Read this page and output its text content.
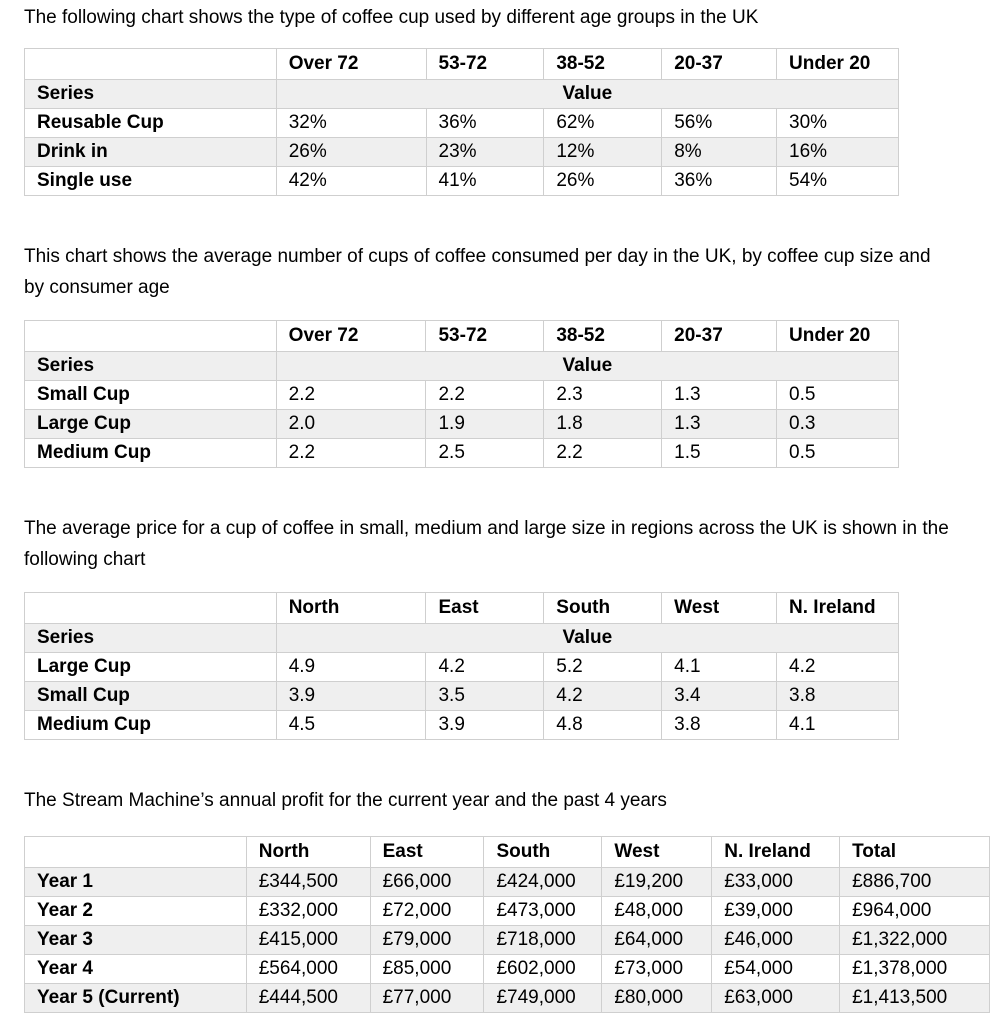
The following chart shows the type of coffee cup used by different age groups in the UK

	Over 72	53-72	38-52	20-37	Under 20
Series	Value				
Reusable Cup	32%	36%	62%	56%	30%
Drink in	26%	23%	12%	8%	16%
Single use	42%	41%	26%	36%	54%

This chart shows the average number of cups of coffee consumed per day in the UK, by coffee cup size and by consumer age

	Over 72	53-72	38-52	20-37	Under 20
Series	Value				
Small Cup	2.2	2.2	2.3	1.3	0.5
Large Cup	2.0	1.9	1.8	1.3	0.3
Medium Cup	2.2	2.5	2.2	1.5	0.5

The average price for a cup of coffee in small, medium and large size in regions across the UK is shown in the following chart

	North	East	South	West	N. Ireland
Series	Value				
Large Cup	4.9	4.2	5.2	4.1	4.2
Small Cup	3.9	3.5	4.2	3.4	3.8
Medium Cup	4.5	3.9	4.8	3.8	4.1

The Stream Machine’s annual profit for the current year and the past 4 years

	North	East	South	West	N. Ireland	Total
Year 1	£344,500	£66,000	£424,000	£19,200	£33,000	£886,700
Year 2	£332,000	£72,000	£473,000	£48,000	£39,000	£964,000
Year 3	£415,000	£79,000	£718,000	£64,000	£46,000	£1,322,000
Year 4	£564,000	£85,000	£602,000	£73,000	£54,000	£1,378,000
Year 5 (Current)	£444,500	£77,000	£749,000	£80,000	£63,000	£1,413,500
